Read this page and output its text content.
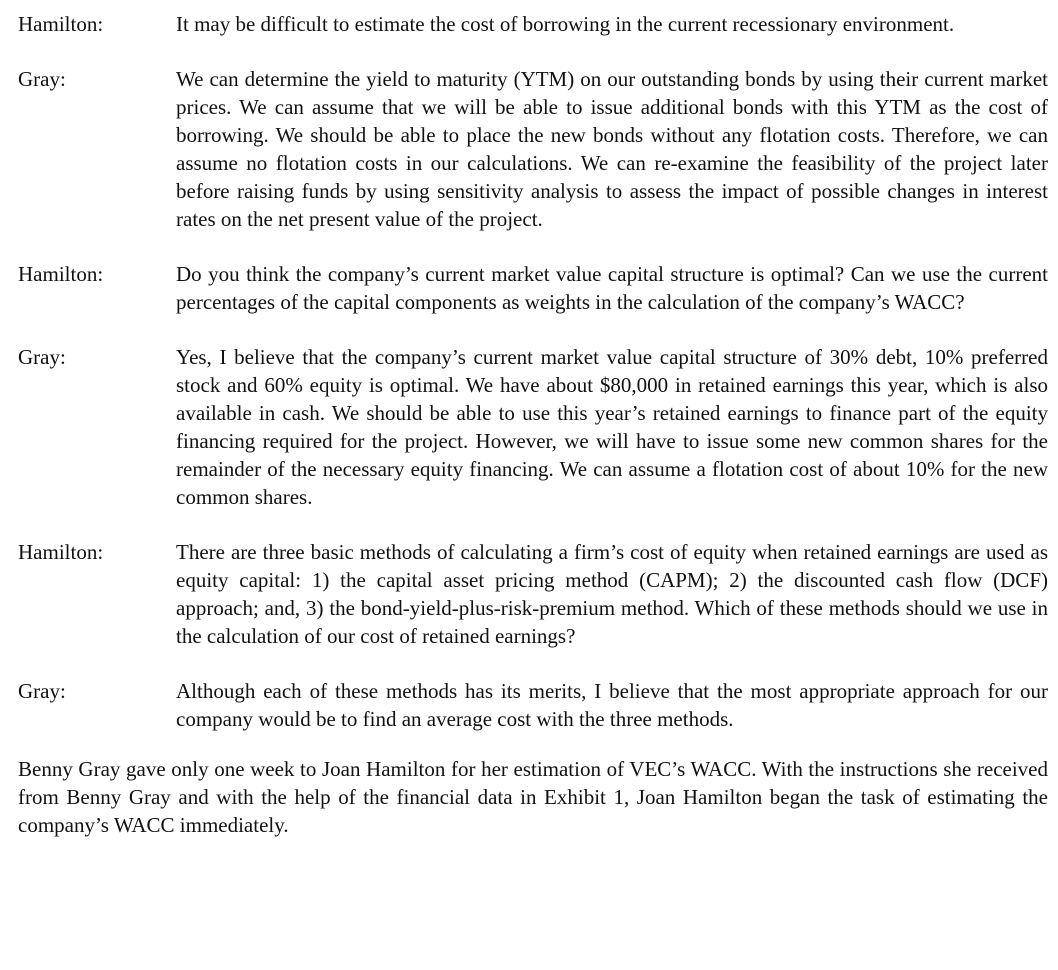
Hamilton:	It may be difficult to estimate the cost of borrowing in the current recessionary environment.
Gray:	We can determine the yield to maturity (YTM) on our outstanding bonds by using their current market prices. We can assume that we will be able to issue additional bonds with this YTM as the cost of borrowing. We should be able to place the new bonds without any flotation costs. Therefore, we can assume no flotation costs in our calculations. We can re-examine the feasibility of the project later before raising funds by using sensitivity analysis to assess the impact of possible changes in interest rates on the net present value of the project.
Hamilton:	Do you think the company’s current market value capital structure is optimal? Can we use the current percentages of the capital components as weights in the calculation of the company’s WACC?
Gray:	Yes, I believe that the company’s current market value capital structure of 30% debt, 10% preferred stock and 60% equity is optimal. We have about $80,000 in retained earnings this year, which is also available in cash. We should be able to use this year’s retained earnings to finance part of the equity financing required for the project. However, we will have to issue some new common shares for the remainder of the necessary equity financing. We can assume a flotation cost of about 10% for the new common shares.
Hamilton:	There are three basic methods of calculating a firm’s cost of equity when retained earnings are used as equity capital: 1) the capital asset pricing method (CAPM); 2) the discounted cash flow (DCF) approach; and, 3) the bond-yield-plus-risk-premium method. Which of these methods should we use in the calculation of our cost of retained earnings?
Gray:	Although each of these methods has its merits, I believe that the most appropriate approach for our company would be to find an average cost with the three methods.

Benny Gray gave only one week to Joan Hamilton for her estimation of VEC’s WACC. With the instructions she received from Benny Gray and with the help of the financial data in Exhibit 1, Joan Hamilton began the task of estimating the company’s WACC immediately.
